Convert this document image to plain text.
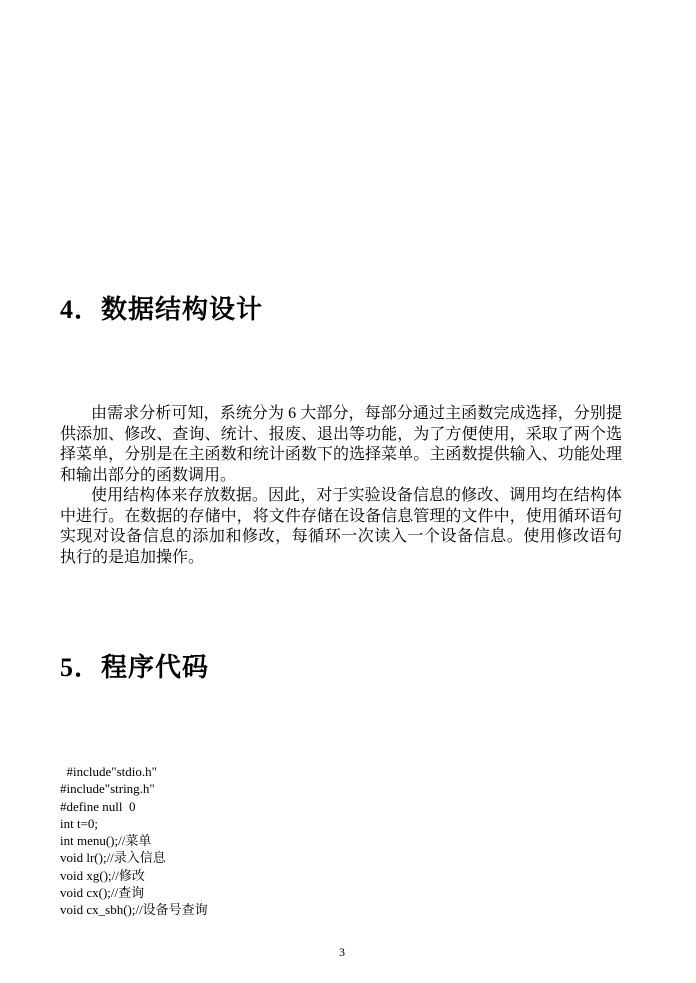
4．数据结构设计
由需求分析可知，系统分为 6 大部分，每部分通过主函数完成选择，分别提
供添加、修改、查询、统计、报废、退出等功能，为了方便使用，采取了两个选
择菜单，分别是在主函数和统计函数下的选择菜单。主函数提供输入、功能处理
和输出部分的函数调用。
使用结构体来存放数据。因此，对于实验设备信息的修改、调用均在结构体
中进行。在数据的存储中，将文件存储在设备信息管理的文件中，使用循环语句
实现对设备信息的添加和修改，每循环一次读入一个设备信息。使用修改语句
执行的是追加操作。
5．程序代码
#include"stdio.h"
#include"string.h"
#define null  0
int t=0;
int menu();//菜单
void lr();//录入信息
void xg();//修改
void cx();//查询
void cx_sbh();//设备号查询
3
